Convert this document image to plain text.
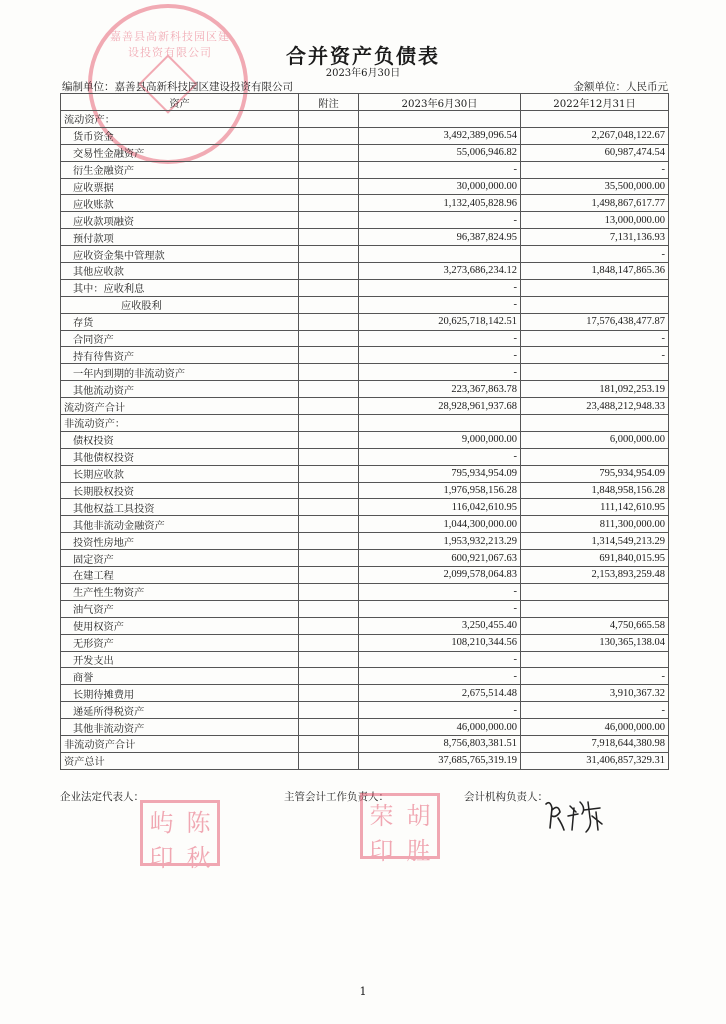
嘉善县高新科技园区建设投资有限公司	合并资产负债表
2023年6月30日
编制单位：嘉善县高新科技园区建设投资有限公司	金额单位：人民币元
资产	附注	2023年6月30日	2022年12月31日
流动资产：			
货币资金		3,492,389,096.54	2,267,048,122.67
交易性金融资产		55,006,946.82	60,987,474.54
衍生金融资产		-	-
应收票据		30,000,000.00	35,500,000.00
应收账款		1,132,405,828.96	1,498,867,617.77
应收款项融资		-	13,000,000.00
预付款项		96,387,824.95	7,131,136.93
应收资金集中管理款			-
其他应收款		3,273,686,234.12	1,848,147,865.36
其中：应收利息		-	
应收股利		-	
存货		20,625,718,142.51	17,576,438,477.87
合同资产		-	-
持有待售资产		-	-
一年内到期的非流动资产		-	
其他流动资产		223,367,863.78	181,092,253.19
流动资产合计		28,928,961,937.68	23,488,212,948.33
非流动资产：			
债权投资		9,000,000.00	6,000,000.00
其他债权投资		-	
长期应收款		795,934,954.09	795,934,954.09
长期股权投资		1,976,958,156.28	1,848,958,156.28
其他权益工具投资		116,042,610.95	111,142,610.95
其他非流动金融资产		1,044,300,000.00	811,300,000.00
投资性房地产		1,953,932,213.29	1,314,549,213.29
固定资产		600,921,067.63	691,840,015.95
在建工程		2,099,578,064.83	2,153,893,259.48
生产性生物资产		-	
油气资产		-	
使用权资产		3,250,455.40	4,750,665.58
无形资产		108,210,344.56	130,365,138.04
开发支出		-	
商誉		-	-
长期待摊费用		2,675,514.48	3,910,367.32
递延所得税资产		-	-
其他非流动资产		46,000,000.00	46,000,000.00
非流动资产合计		8,756,803,381.51	7,918,644,380.98
资产总计		37,685,765,319.19	31,406,857,329.31
企业法定代表人：	主管会计工作负责人：	会计机构负责人：
屿 陈
印 秋
荣 胡
印 胜
1
